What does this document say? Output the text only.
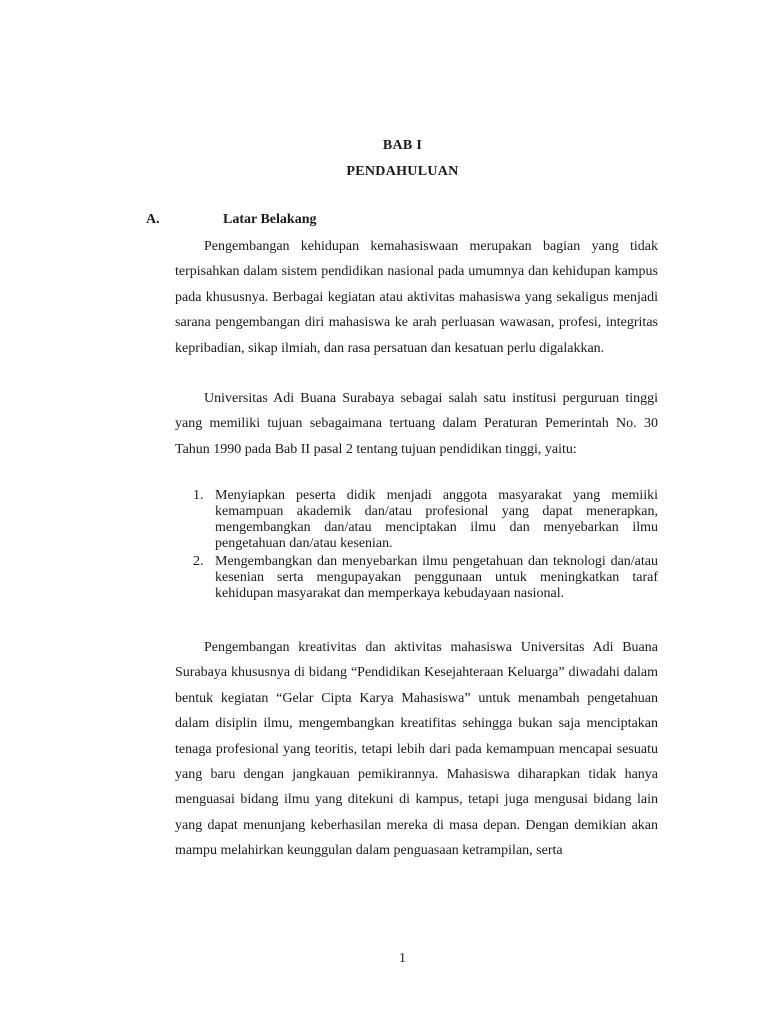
BAB I
PENDAHULUAN
A.	Latar Belakang

Pengembangan kehidupan kemahasiswaan merupakan bagian yang tidak terpisahkan dalam sistem pendidikan nasional pada umumnya dan kehidupan kampus pada khususnya. Berbagai kegiatan atau aktivitas mahasiswa yang sekaligus menjadi sarana pengembangan diri mahasiswa ke arah perluasan wawasan, profesi, integritas kepribadian, sikap ilmiah, dan rasa persatuan dan kesatuan perlu digalakkan.

Universitas Adi Buana Surabaya sebagai salah satu institusi perguruan tinggi yang memiliki tujuan sebagaimana tertuang dalam Peraturan Pemerintah No. 30 Tahun 1990 pada Bab II pasal 2 tentang tujuan pendidikan tinggi, yaitu:

1. Menyiapkan peserta didik menjadi anggota masyarakat yang memiiki kemampuan akademik dan/atau profesional yang dapat menerapkan, mengembangkan dan/atau menciptakan ilmu dan menyebarkan ilmu pengetahuan dan/atau kesenian.
2. Mengembangkan dan menyebarkan ilmu pengetahuan dan teknologi dan/atau kesenian serta mengupayakan penggunaan untuk meningkatkan taraf kehidupan masyarakat dan memperkaya kebudayaan nasional.

Pengembangan kreativitas dan aktivitas mahasiswa Universitas Adi Buana Surabaya khususnya di bidang “Pendidikan Kesejahteraan Keluarga” diwadahi dalam bentuk kegiatan “Gelar Cipta Karya Mahasiswa” untuk menambah pengetahuan dalam disiplin ilmu, mengembangkan kreatifitas sehingga bukan saja menciptakan tenaga profesional yang teoritis, tetapi lebih dari pada kemampuan mencapai sesuatu yang baru dengan jangkauan pemikirannya. Mahasiswa diharapkan tidak hanya menguasai bidang ilmu yang ditekuni di kampus, tetapi juga mengusai bidang lain yang dapat menunjang keberhasilan mereka di masa depan. Dengan demikian akan mampu melahirkan keunggulan dalam penguasaan ketrampilan, serta

1
